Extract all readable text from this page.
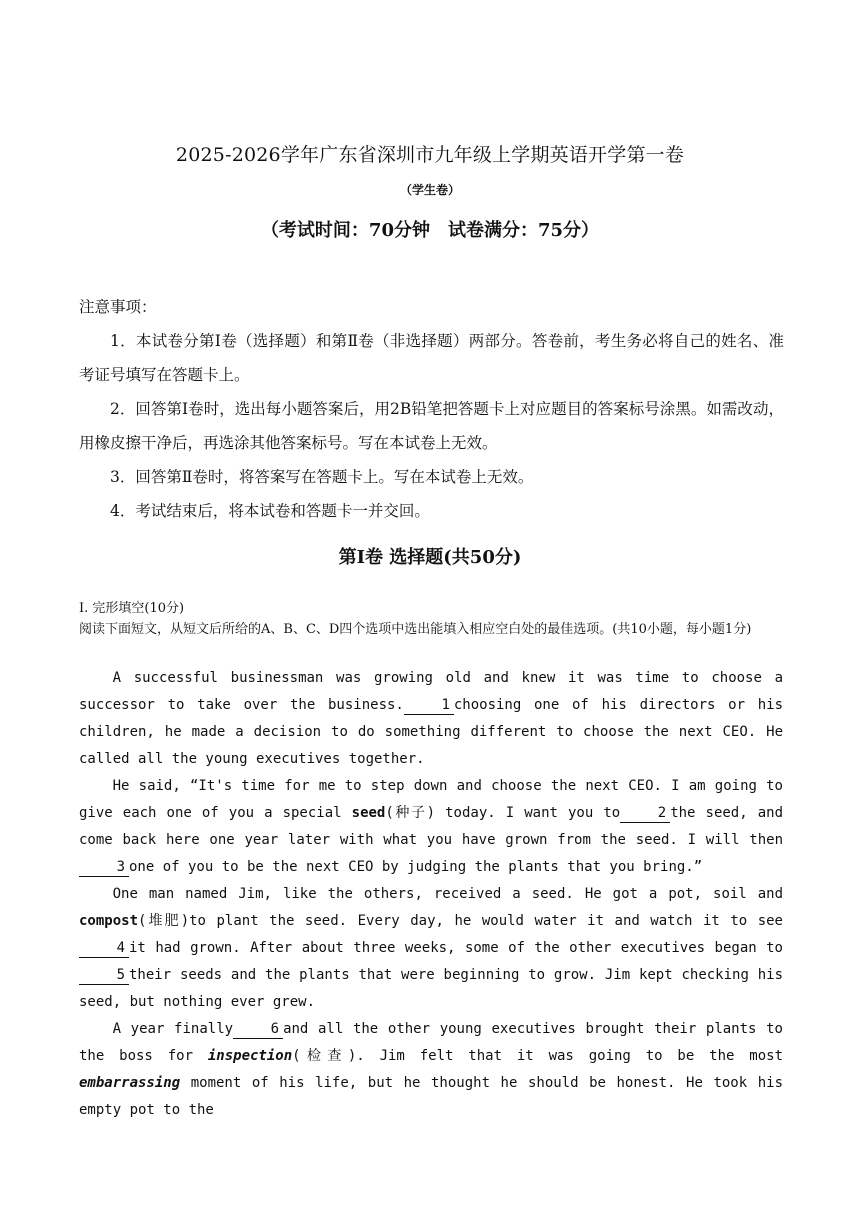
2025-2026学年广东省深圳市九年级上学期英语开学第一卷
（学生卷）
（考试时间：70分钟　试卷满分：75分）

注意事项：

1．本试卷分第Ⅰ卷（选择题）和第Ⅱ卷（非选择题）两部分。答卷前，考生务必将自己的姓名、准考证号填写在答题卡上。

2．回答第Ⅰ卷时，选出每小题答案后，用2B铅笔把答题卡上对应题目的答案标号涂黑。如需改动，用橡皮擦干净后，再选涂其他答案标号。写在本试卷上无效。

3．回答第Ⅱ卷时，将答案写在答题卡上。写在本试卷上无效。

4．考试结束后，将本试卷和答题卡一并交回。

第Ⅰ卷 选择题(共50分)

I. 完形填空(10分)

阅读下面短文，从短文后所给的A、B、C、D四个选项中选出能填入相应空白处的最佳选项。(共10小题，每小题1分)

A successful businessman was growing old and knew it was time to choose a successor to take over the business.	1 choosing one of his directors or his children, he made a decision to do something different to choose the next CEO. He called all the young executives together.

He said, “It's time for me to step down and choose the next CEO. I am going to give each one of you a special seed(种子) today. I want you to	2 the seed, and come back here one year later with what you have grown from the seed. I will then3 one of you to be the next CEO by judging the plants that you bring.”

One man named Jim, like the others, received a seed. He got a pot, soil and compost(堆肥)to plant the seed. Every day, he would water it and watch it to see4 it had grown. After about three weeks, some of the other executives began to5 their seeds and the plants that were beginning to grow. Jim kept checking his seed, but nothing ever grew.

A year finally	6 and all the other young executives brought their plants to the boss for inspection(检查). Jim felt that it was going to be the most embarrassing moment of his life, but he thought he should be honest. He took his empty pot to the
